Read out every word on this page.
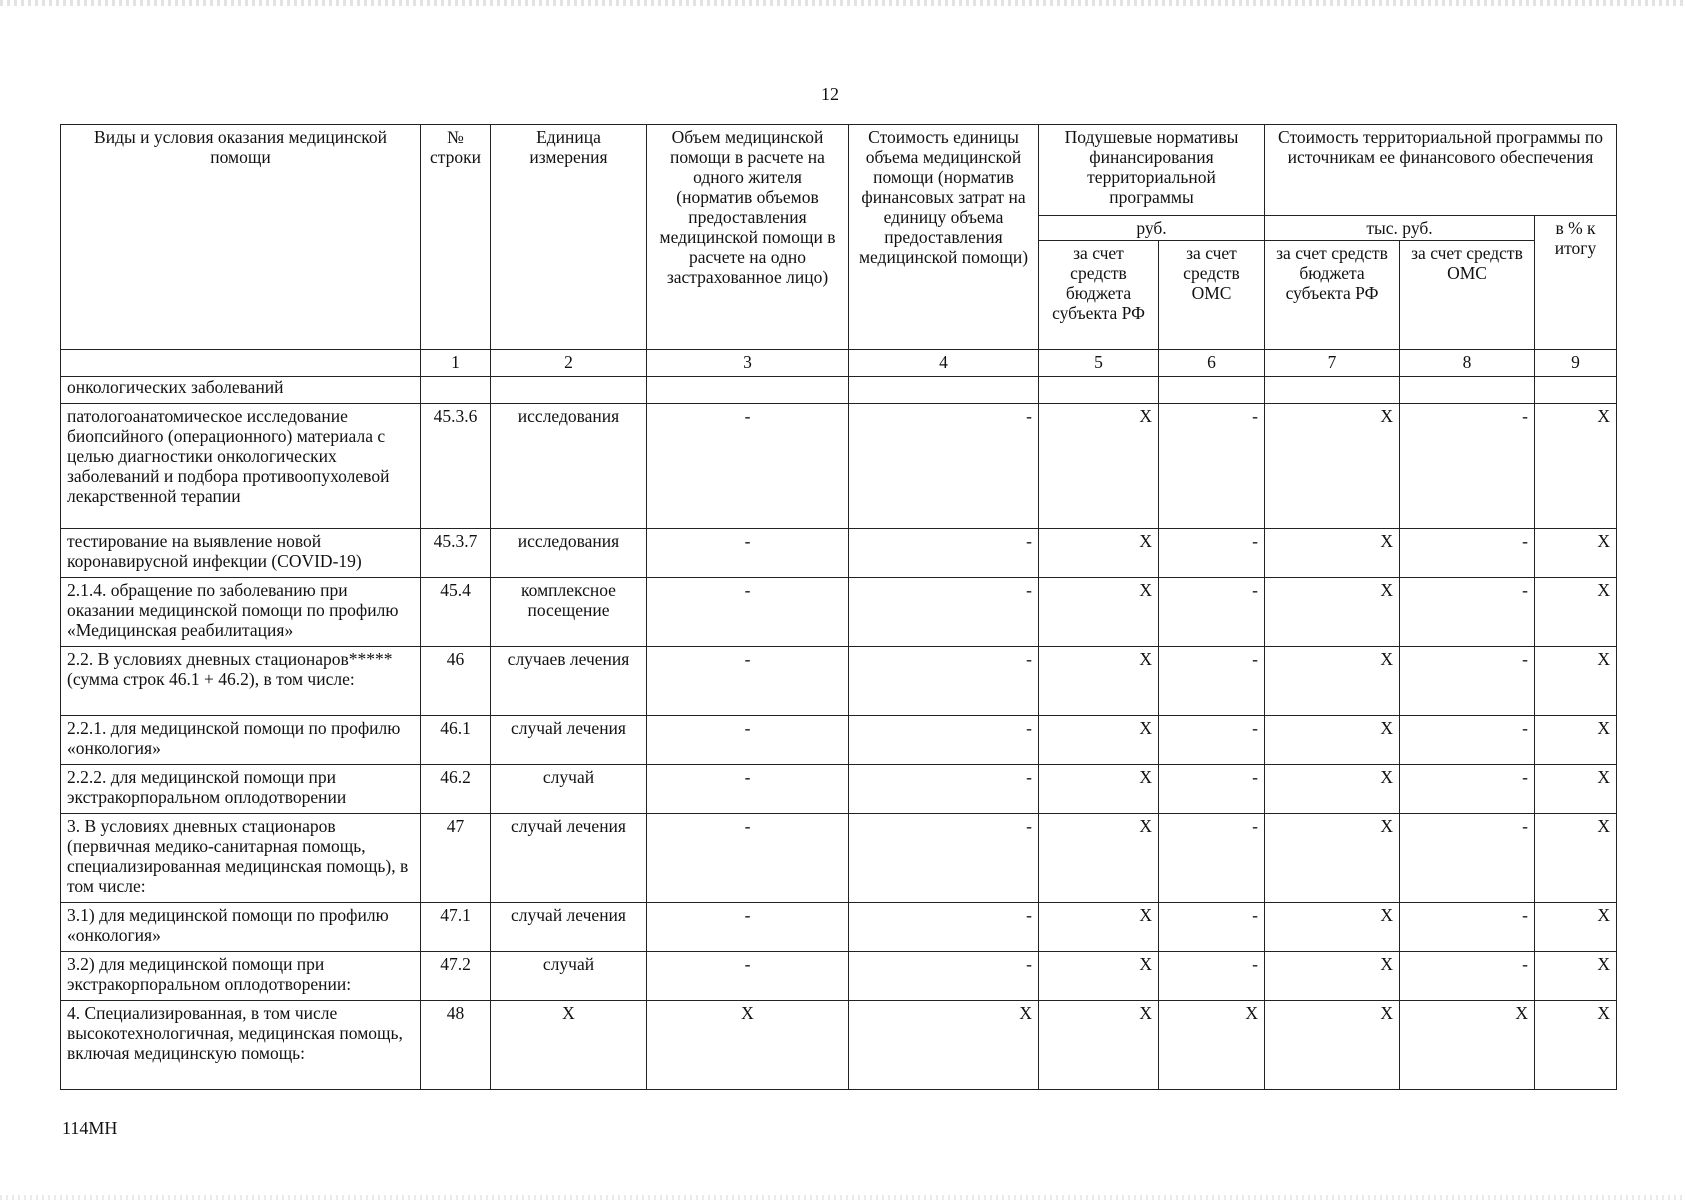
12
Виды и условия оказания медицинской помощи	№ строки	Единица измерения	Объем медицинской помощи в расчете на одного жителя (норматив объемов предоставления медицинской помощи в расчете на одно застрахованное лицо)	Стоимость единицы объема медицинской помощи (норматив финансовых затрат на единицу объема предоставления медицинской помощи)	Подушевые нормативы финансирования территориальной программы		Стоимость территориальной программы по источникам ее финансового обеспечения		
					руб.		тыс. руб.		в % к итогу
					за счет средств бюджета субъекта РФ	за счет средств ОМС	за счет средств бюджета субъекта РФ	за счет средств ОМС	
	1	2	3	4	5	6	7	8	9
онкологических заболеваний									
патологоанатомическое исследование биопсийного (операционного) материала с целью диагностики онкологических заболеваний и подбора противоопухолевой лекарственной терапии	45.3.6	исследования	-	-	X	-	X	-	X
тестирование на выявление новой коронавирусной инфекции (COVID-19)	45.3.7	исследования	-	-	X	-	X	-	X
2.1.4. обращение по заболеванию при оказании медицинской помощи по профилю «Медицинская реабилитация»	45.4	комплексное посещение	-	-	X	-	X	-	X
2.2. В условиях дневных стационаров***** (сумма строк 46.1 + 46.2), в том числе:	46	случаев лечения	-	-	X	-	X	-	X
2.2.1. для медицинской помощи по профилю «онкология»	46.1	случай лечения	-	-	X	-	X	-	X
2.2.2. для медицинской помощи при экстракорпоральном оплодотворении	46.2	случай	-	-	X	-	X	-	X
3. В условиях дневных стационаров (первичная медико-санитарная помощь, специализированная медицинская помощь), в том числе:	47	случай лечения	-	-	X	-	X	-	X
3.1) для медицинской помощи по профилю «онкология»	47.1	случай лечения	-	-	X	-	X	-	X
3.2) для медицинской помощи при экстракорпоральном оплодотворении:	47.2	случай	-	-	X	-	X	-	X
4. Специализированная, в том числе высокотехнологичная, медицинская помощь, включая медицинскую помощь:	48	X	X	X	X	X	X	X	X
114МН
